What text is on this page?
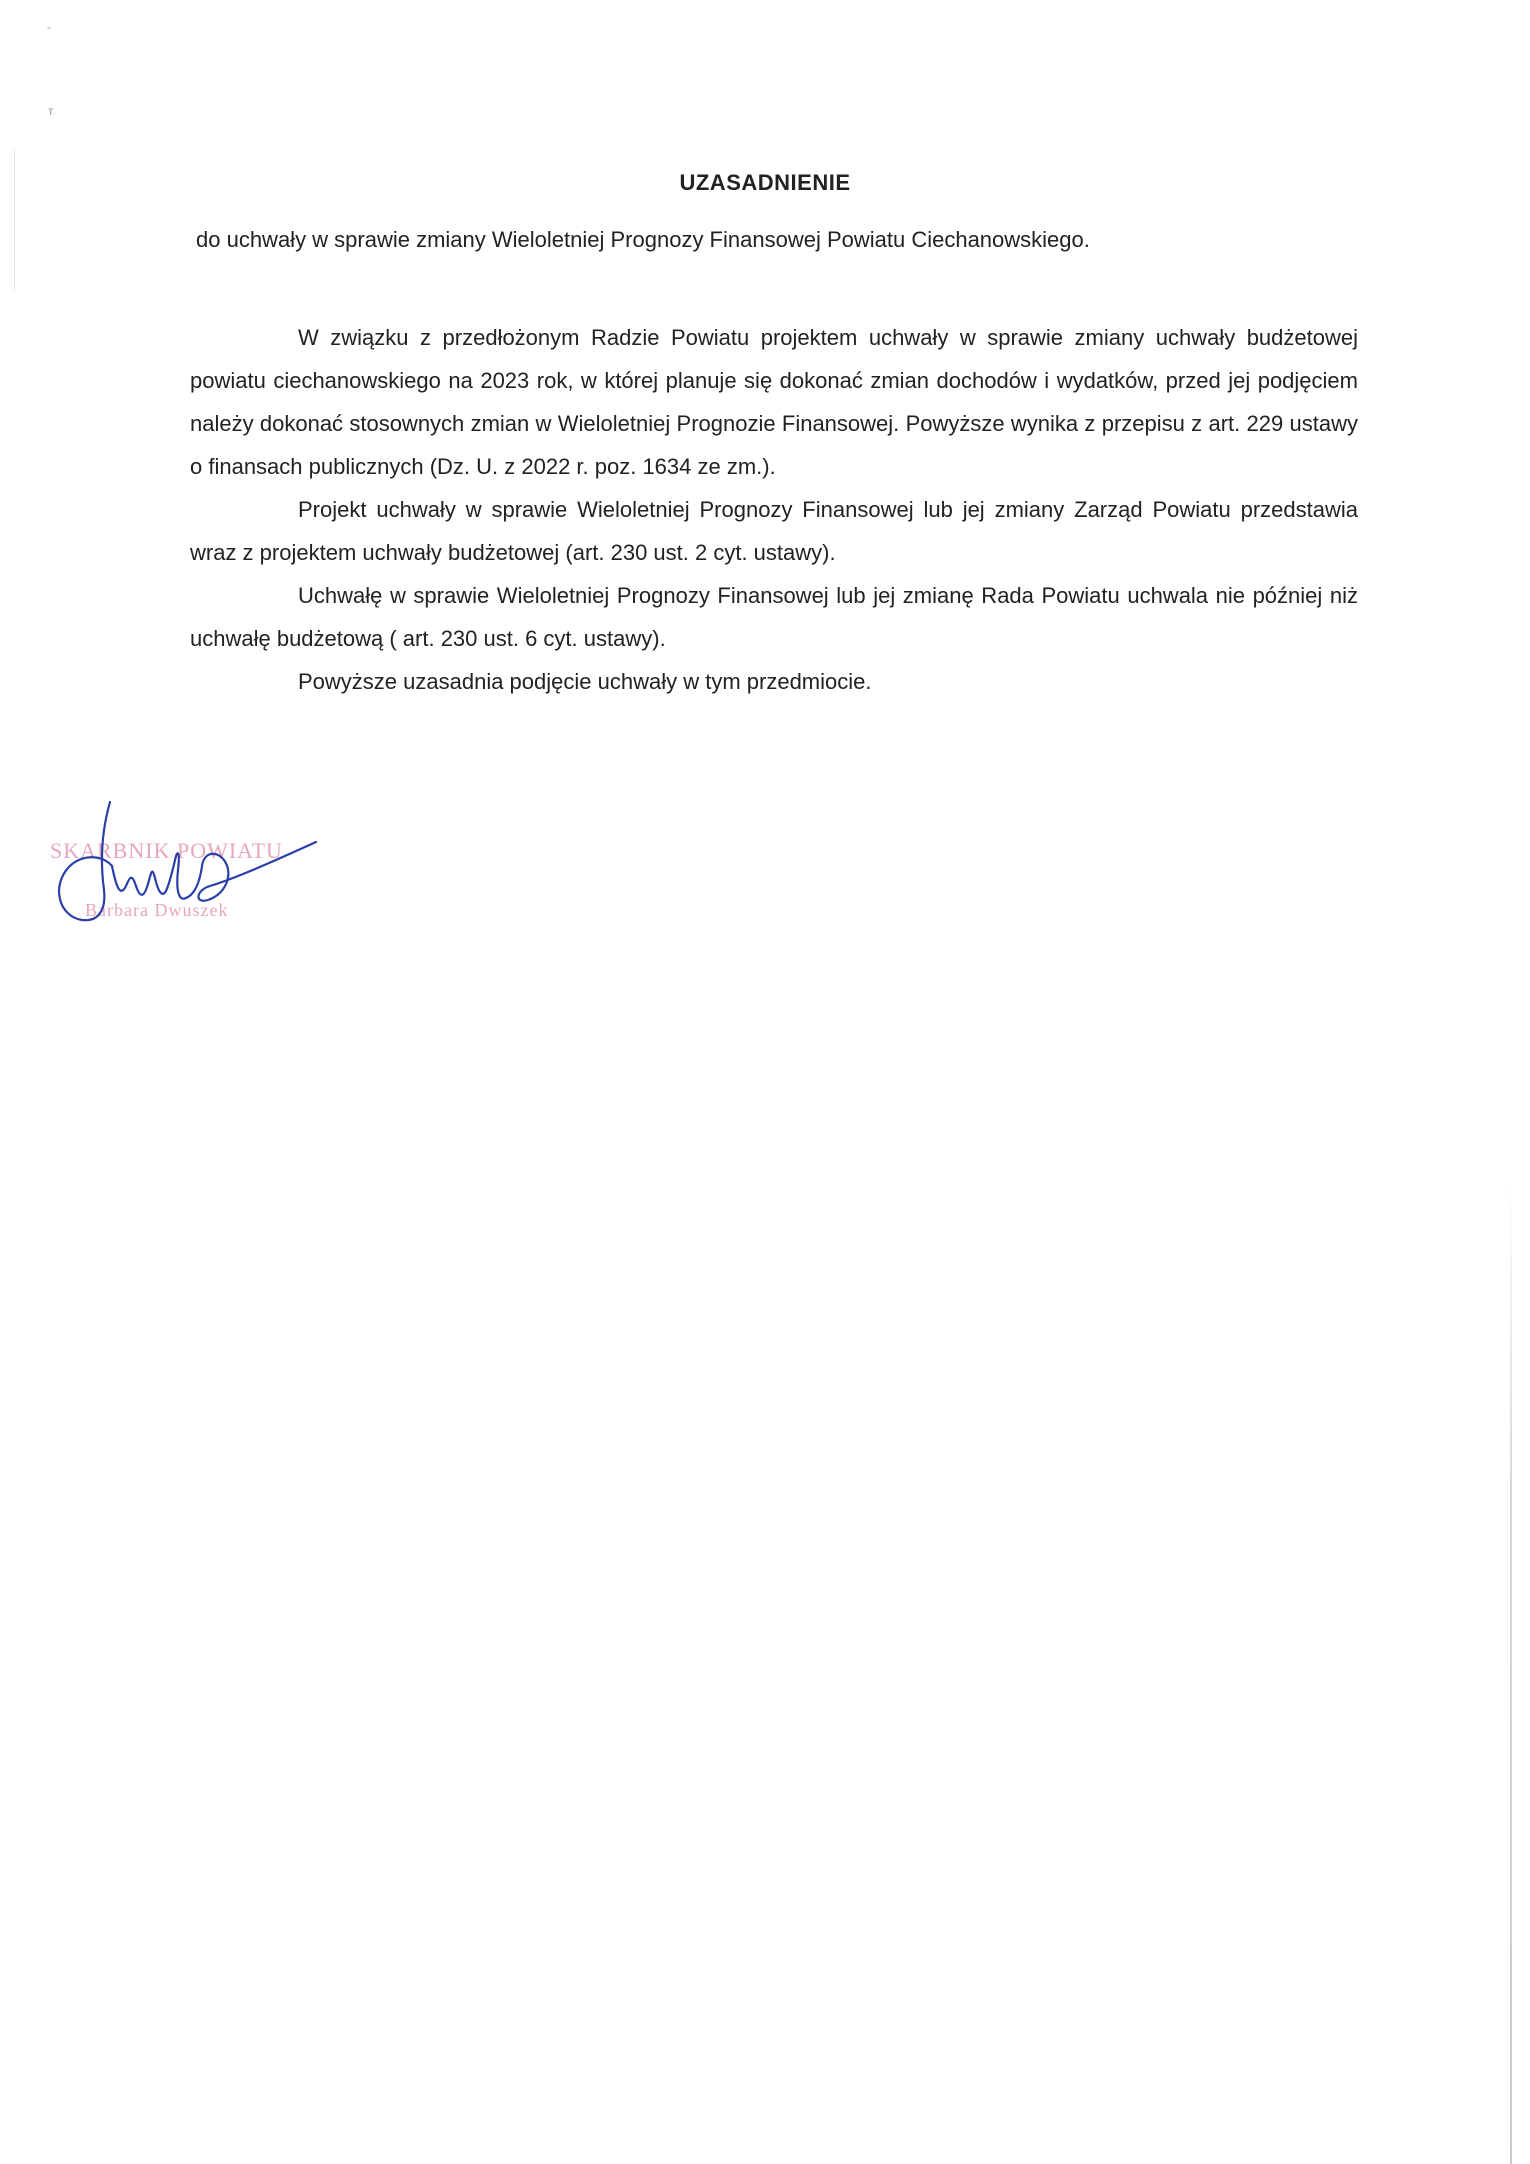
-
т
UZASADNIENIE
do uchwały w sprawie zmiany Wieloletniej Prognozy Finansowej Powiatu Ciechanowskiego.

W związku z przedłożonym Radzie Powiatu projektem uchwały w sprawie zmiany uchwały budżetowej powiatu ciechanowskiego na 2023 rok, w której planuje się dokonać zmian dochodów i wydatków, przed jej podjęciem należy dokonać stosownych zmian w Wieloletniej Prognozie Finansowej. Powyższe wynika z przepisu z art. 229 ustawy o finansach publicznych (Dz. U. z 2022 r. poz. 1634 ze zm.).

Projekt uchwały w sprawie Wieloletniej Prognozy Finansowej lub jej zmiany Zarząd Powiatu przedstawia wraz z projektem uchwały budżetowej (art. 230 ust. 2 cyt. ustawy).

Uchwałę w sprawie Wieloletniej Prognozy Finansowej lub jej zmianę Rada Powiatu uchwala nie później niż uchwałę budżetową ( art. 230 ust. 6 cyt. ustawy).

Powyższe uzasadnia podjęcie uchwały w tym przedmiocie.

SKARBNIK POWIATU
Barbara Dwuszek
